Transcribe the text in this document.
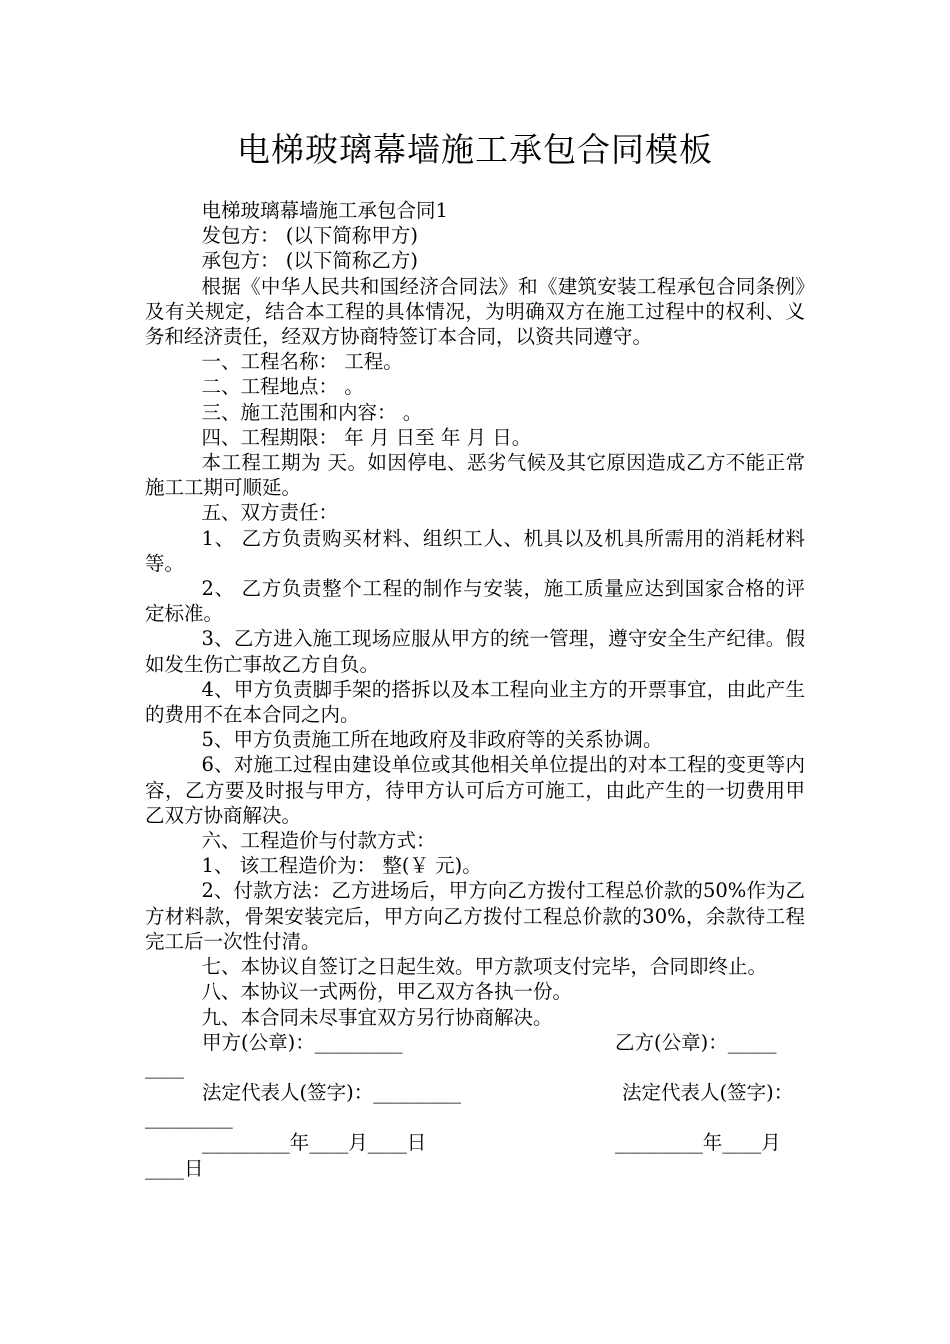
电梯玻璃幕墙施工承包合同模板

电梯玻璃幕墙施工承包合同1

发包方： (以下简称甲方)

承包方： (以下简称乙方)

根据《中华人民共和国经济合同法》和《建筑安装工程承包合同条例》及有关规定，结合本工程的具体情况，为明确双方在施工过程中的权利、义务和经济责任，经双方协商特签订本合同，以资共同遵守。

一、工程名称： 工程。

二、工程地点： 。

三、施工范围和内容： 。

四、工程期限： 年 月 日至 年 月 日。

本工程工期为 天。如因停电、恶劣气候及其它原因造成乙方不能正常施工工期可顺延。

五、双方责任：

1、 乙方负责购买材料、组织工人、机具以及机具所需用的消耗材料等。

2、 乙方负责整个工程的制作与安装，施工质量应达到国家合格的评定标准。

3、乙方进入施工现场应服从甲方的统一管理，遵守安全生产纪律。假如发生伤亡事故乙方自负。

4、甲方负责脚手架的搭拆以及本工程向业主方的开票事宜，由此产生的费用不在本合同之内。

5、甲方负责施工所在地政府及非政府等的关系协调。

6、对施工过程由建设单位或其他相关单位提出的对本工程的变更等内容，乙方要及时报与甲方，待甲方认可后方可施工，由此产生的一切费用甲乙双方协商解决。

六、工程造价与付款方式：

1、 该工程造价为： 整(￥ 元)。

2、付款方法：乙方进场后，甲方向乙方拨付工程总价款的50%作为乙方材料款，骨架安装完后，甲方向乙方拨付工程总价款的30%，余款待工程完工后一次性付清。

七、本协议自签订之日起生效。甲方款项支付完毕，合同即终止。

八、本协议一式两份，甲乙双方各执一份。

九、本合同未尽事宜双方另行协商解决。

甲方(公章)：_________	乙方(公章)：_____
____
法定代表人(签字)：_________	法定代表人(签字)：
_________
_________年____月____日	_________年____月
____日
